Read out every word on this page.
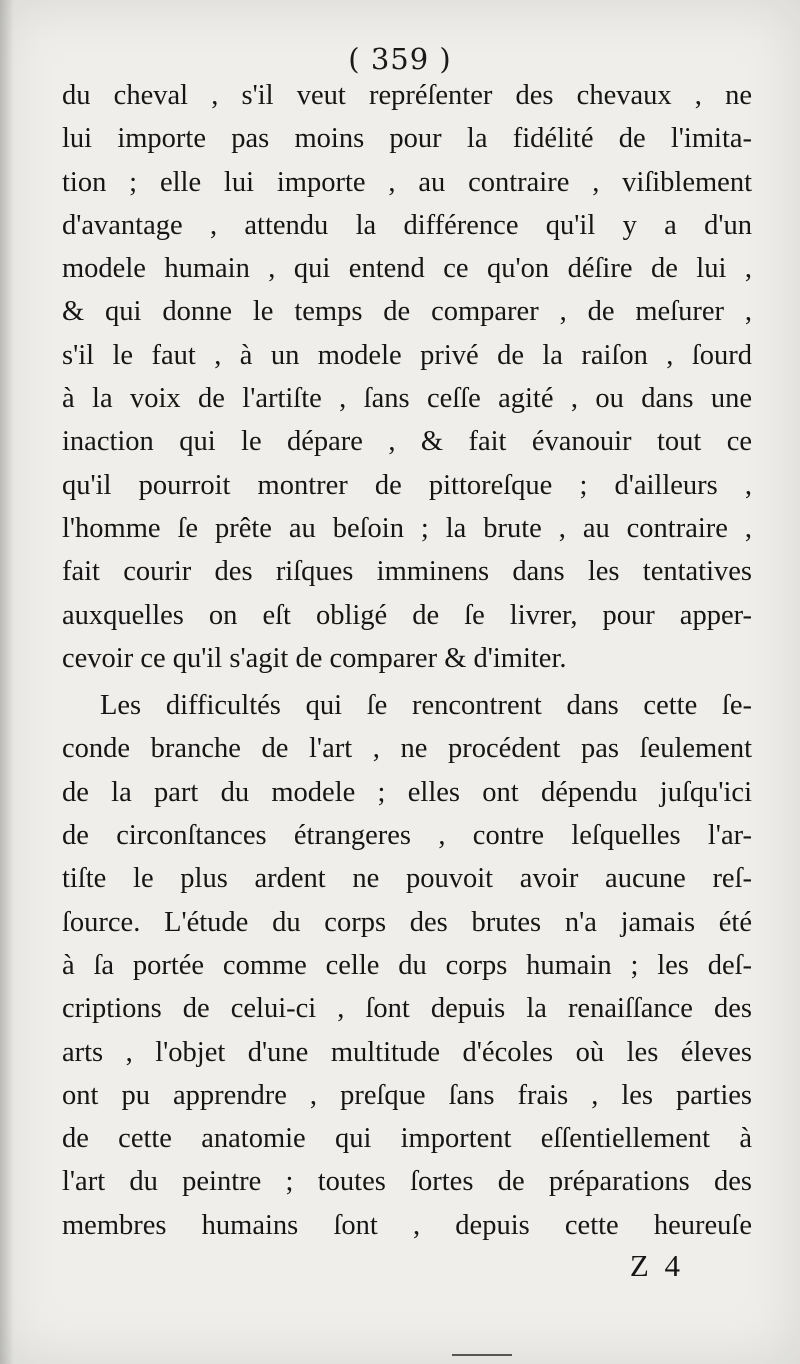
( 359 )
du cheval , s'il veut repréſenter des chevaux , ne
lui importe pas moins pour la fidélité de l'imita-
tion ; elle lui importe , au contraire , viſiblement
d'avantage , attendu la différence qu'il y a d'un
modele humain , qui entend ce qu'on déſire de lui ,
& qui donne le temps de comparer , de meſurer ,
s'il le faut , à un modele privé de la raiſon , ſourd
à la voix de l'artiſte , ſans ceſſe agité , ou dans une
inaction qui le dépare , & fait évanouir tout ce
qu'il pourroit montrer de pittoreſque ; d'ailleurs ,
l'homme ſe prête au beſoin ; la brute , au contraire ,
fait courir des riſques imminens dans les tentatives
auxquelles on eſt obligé de ſe livrer, pour apper-
cevoir ce qu'il s'agit de comparer & d'imiter.
Les difficultés qui ſe rencontrent dans cette ſe-
conde branche de l'art , ne procédent pas ſeulement
de la part du modele ; elles ont dépendu juſqu'ici
de circonſtances étrangeres , contre leſquelles l'ar-
tiſte le plus ardent ne pouvoit avoir aucune reſ-
ſource. L'étude du corps des brutes n'a jamais été
à ſa portée comme celle du corps humain ; les deſ-
criptions de celui-ci , ſont depuis la renaiſſance des
arts , l'objet d'une multitude d'écoles où les éleves
ont pu apprendre , preſque ſans frais , les parties
de cette anatomie qui importent eſſentiellement à
l'art du peintre ; toutes ſortes de préparations des
membres humains ſont , depuis cette heureuſe
Z 4
